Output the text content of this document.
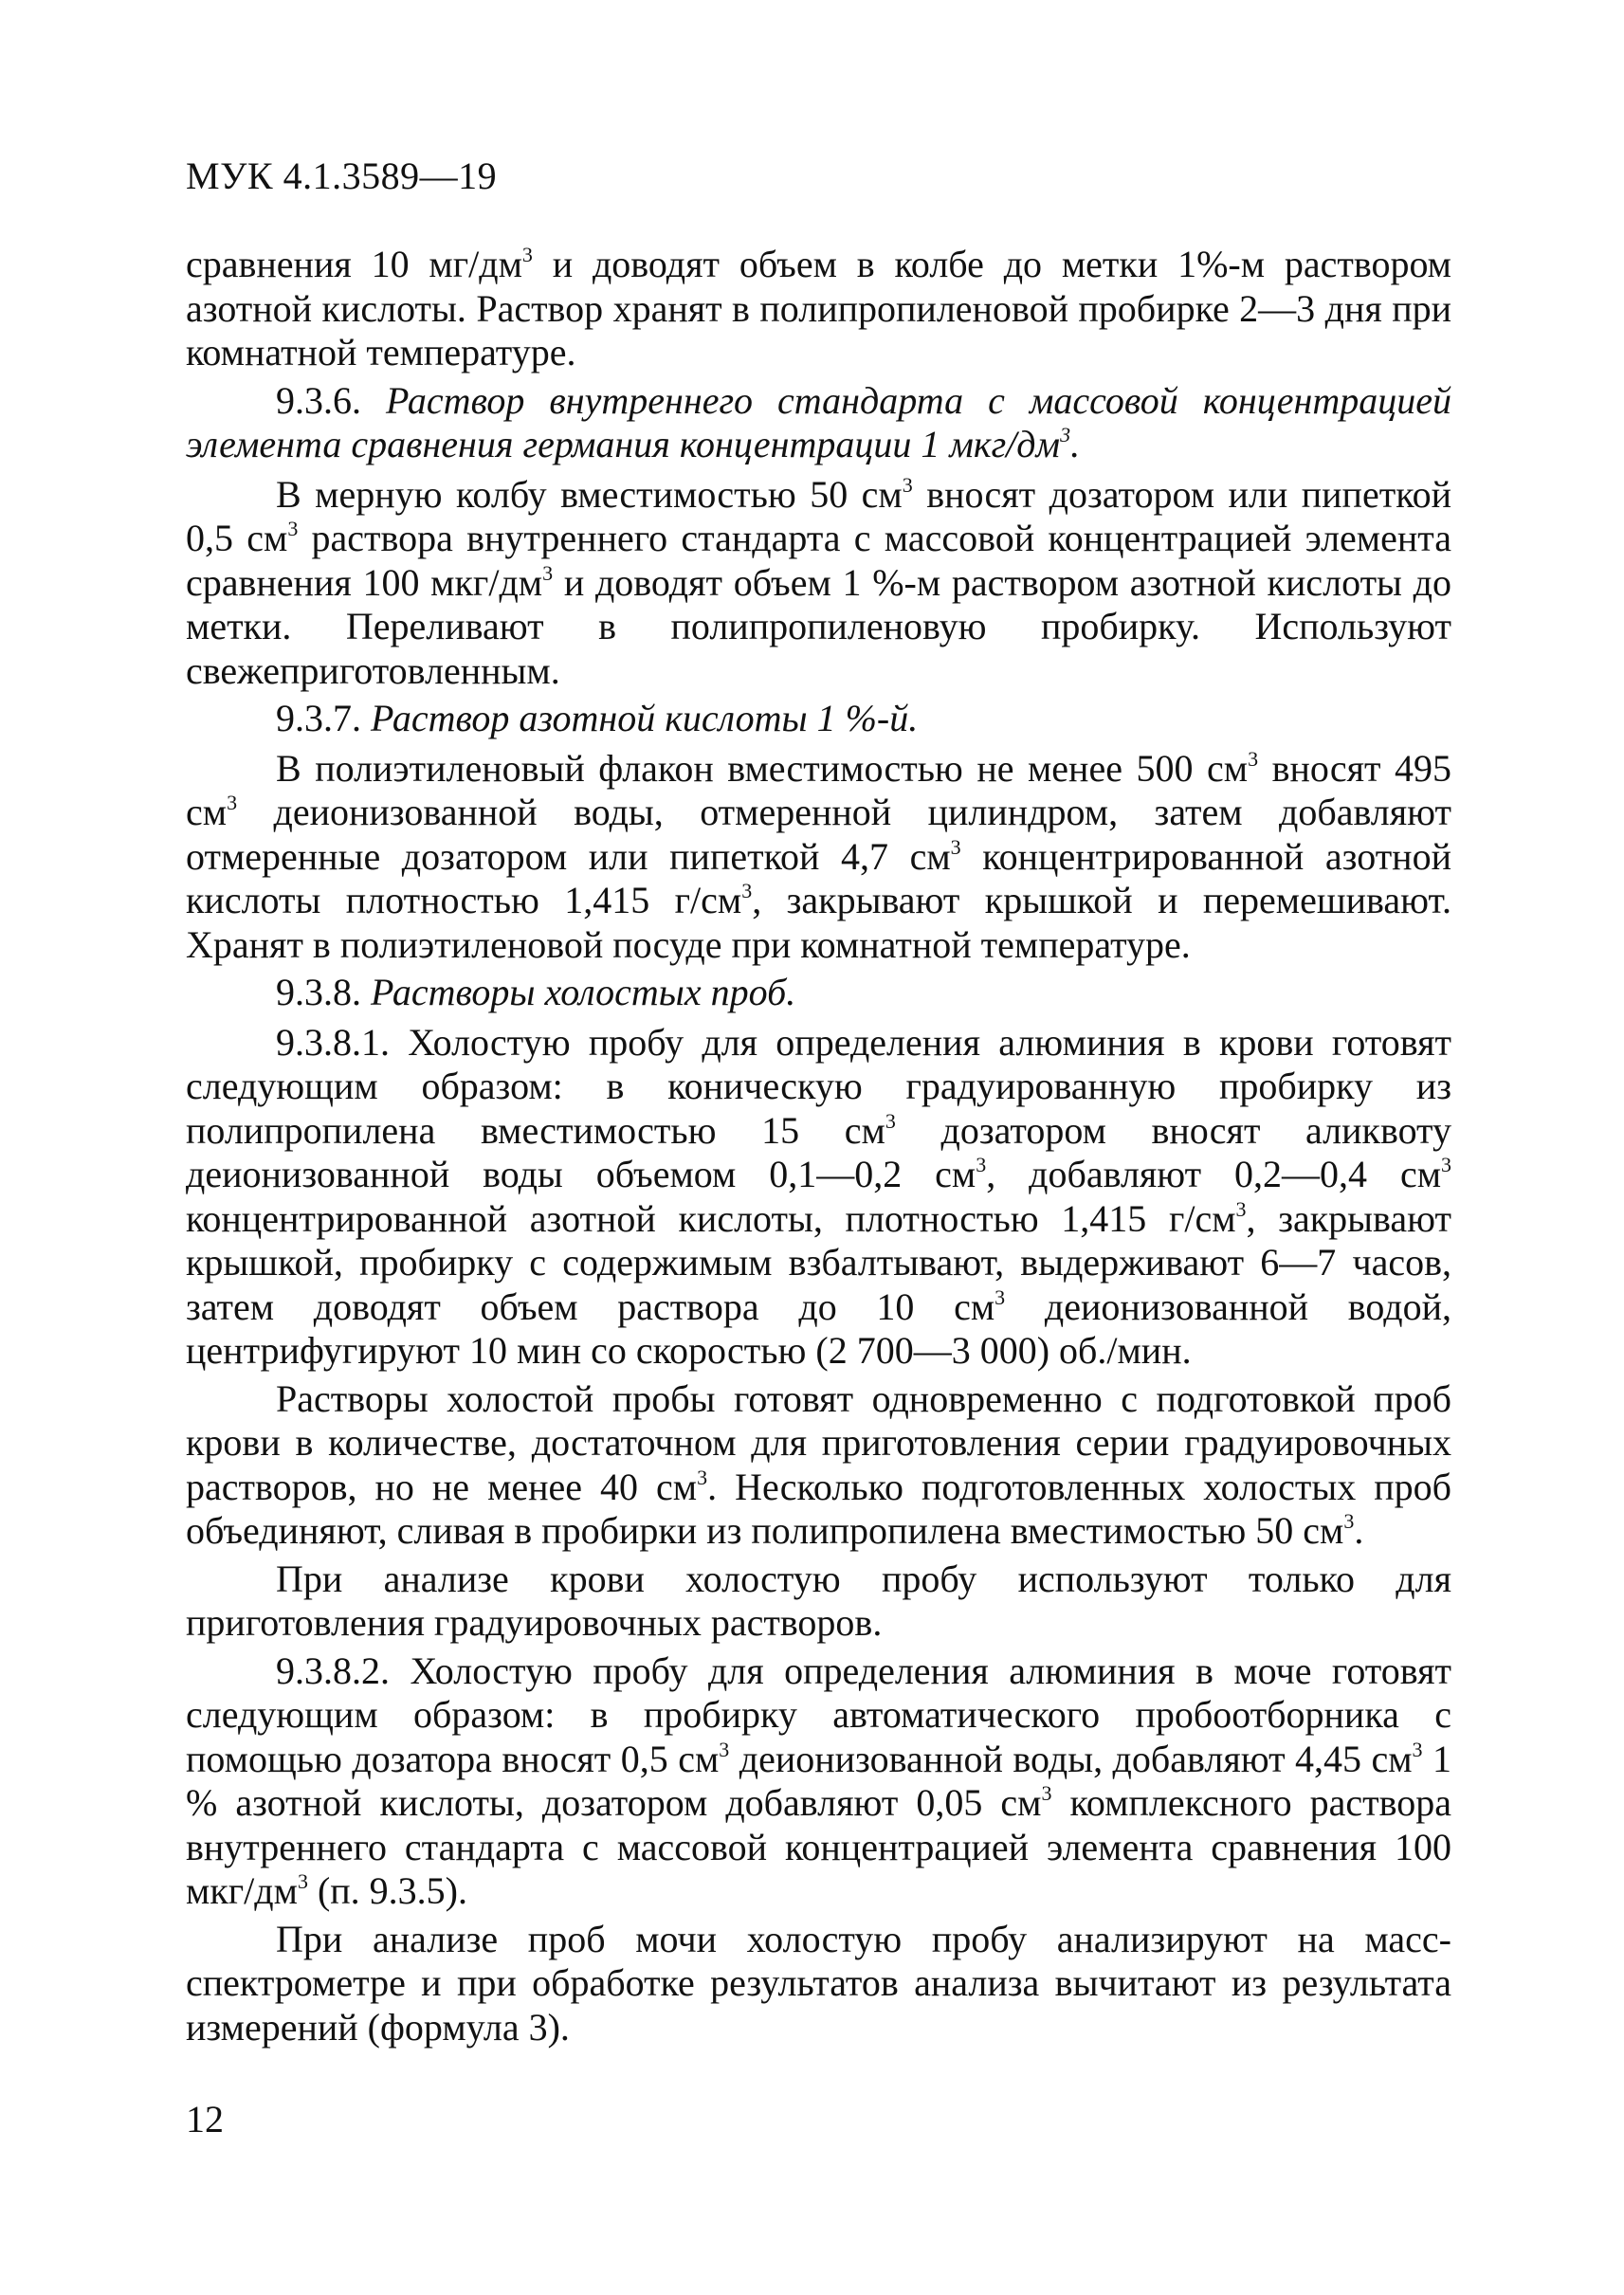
МУК 4.1.3589—19

сравнения 10 $мг/дм^3$ и доводят объем в колбе до метки 1%-м раствором азотной кислоты. Раствор хранят в полипропиленовой пробирке 2—3 дня при комнатной температуре.

9.3.6. Раствор внутреннего стандарта с массовой концентрацией элемента сравнения германия концентрации 1 мкг/$дм^3$.

В мерную колбу вместимостью 50 $см^3$ вносят дозатором или пипеткой 0,5 $см^3$ раствора внутреннего стандарта с массовой концентрацией элемента сравнения 100 мкг/$дм^3$ и доводят объем 1 %-м раствором азотной кислоты до метки. Переливают в полипропиленовую пробирку. Используют свежеприготовленным.

9.3.7. Раствор азотной кислоты 1 %-й.

В полиэтиленовый флакон вместимостью не менее 500 $см^3$ вносят 495 $см^3$ деионизованной воды, отмеренной цилиндром, затем добавляют отмеренные дозатором или пипеткой 4,7 $см^3$ концентрированной азотной кислоты плотностью 1,415 $г/см^3$, закрывают крышкой и перемешивают. Хранят в полиэтиленовой посуде при комнатной температуре.

9.3.8. Растворы холостых проб.

9.3.8.1. Холостую пробу для определения алюминия в крови готовят следующим образом: в коническую градуированную пробирку из полипропилена вместимостью 15 $см^3$ дозатором вносят аликвоту деионизованной воды объемом 0,1—0,2 $см^3$, добавляют 0,2—0,4 $см^3$ концентрированной азотной кислоты, плотностью 1,415 $г/см^3$, закрывают крышкой, пробирку с содержимым взбалтывают, выдерживают 6—7 часов, затем доводят объем раствора до 10 $см^3$ деионизованной водой, центрифугируют 10 мин со скоростью (2 700—3 000) об./мин.

Растворы холостой пробы готовят одновременно с подготовкой проб крови в количестве, достаточном для приготовления серии градуировочных растворов, но не менее 40 $см^3$. Несколько подготовленных холостых проб объединяют, сливая в пробирки из полипропилена вместимостью 50 $см^3$.

При анализе крови холостую пробу используют только для приготовления градуировочных растворов.

9.3.8.2. Холостую пробу для определения алюминия в моче готовят следующим образом: в пробирку автоматического пробоотборника с помощью дозатора вносят 0,5 $см^3$ деионизованной воды, добавляют 4,45 $см^3$ 1 % азотной кислоты, дозатором добавляют 0,05 $см^3$ комплексного раствора внутреннего стандарта с массовой концентрацией элемента сравнения 100 мкг/$дм^3$ (п. 9.3.5).

При анализе проб мочи холостую пробу анализируют на масс-спектрометре и при обработке результатов анализа вычитают из результата измерений (формула 3).

12
